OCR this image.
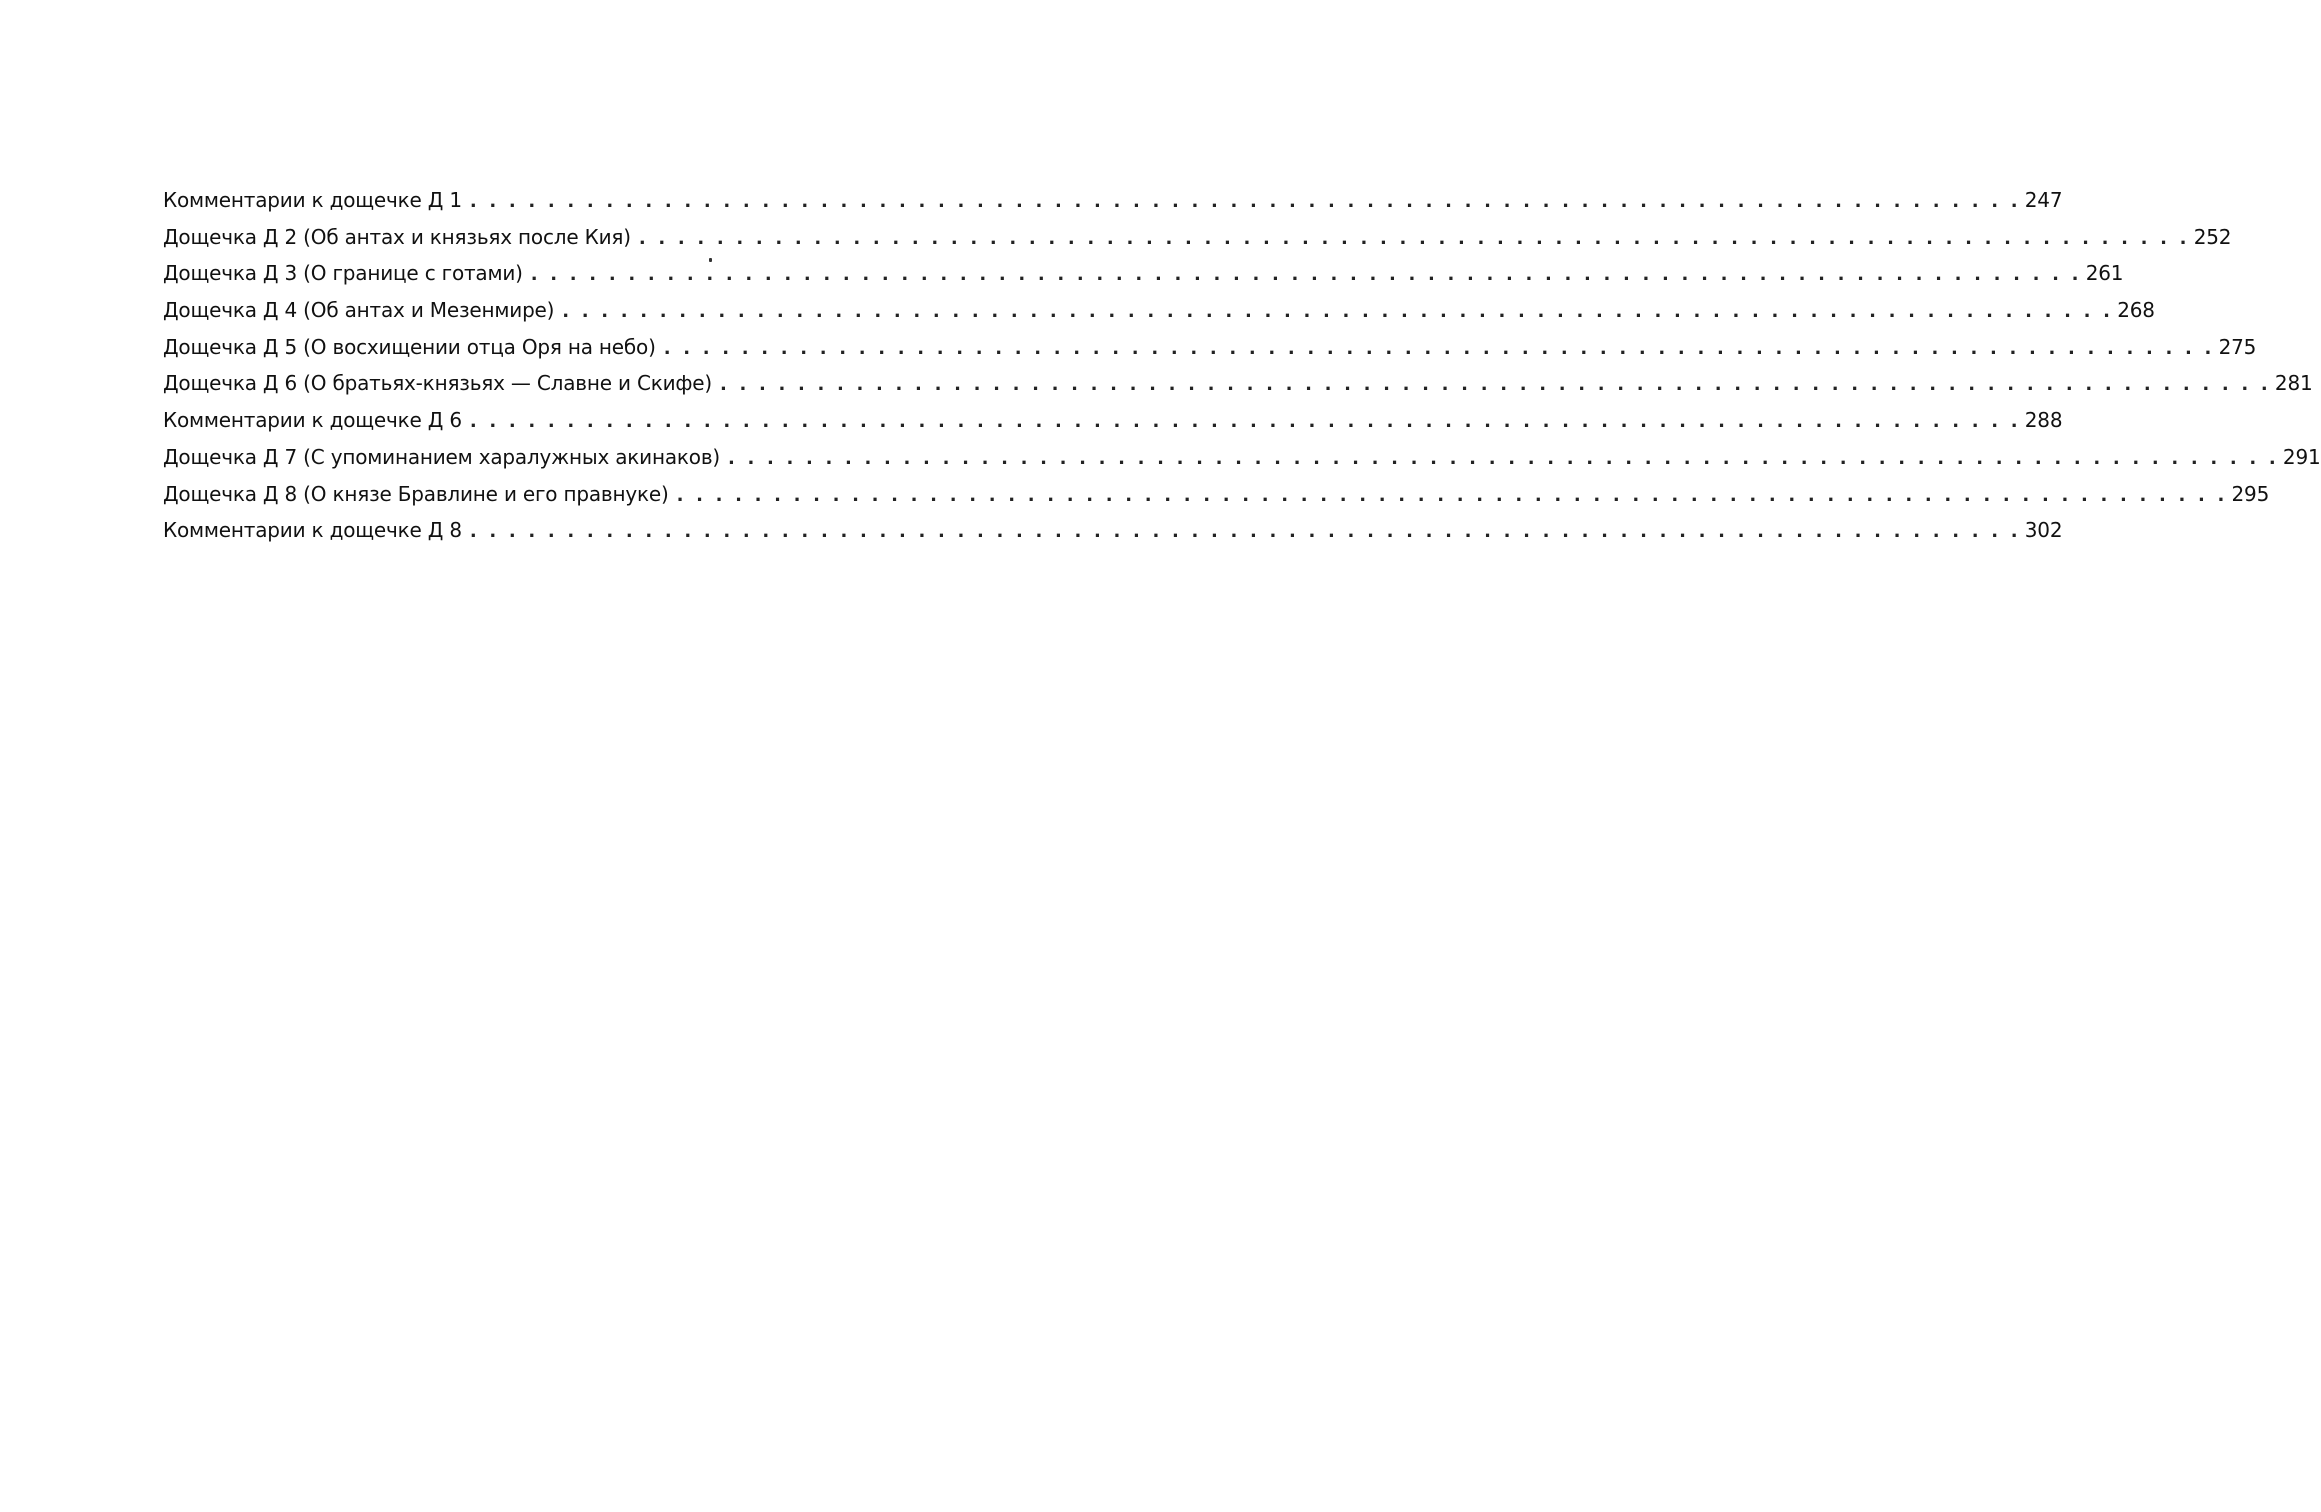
Комментарии к дощечке Д 1 . . . . . . . . . . . . . . . . . . . . . . . . . . . . . . . . . . . . . . . . . . . . . . . . . . . . . . . . . . . . . . . . . . . . . . . . . . . . . . . . 247
Дощечка Д 2 (Об антах и князьях после Кия) . . . . . . . . . . . . . . . . . . . . . . . . . . . . . . . . . . . . . . . . . . . . . . . . . . . . . . . . . . . . . . . . . . . . . . . . . . . . . . . . 252
Дощечка Д 3 (О границе с готами) . . . . . . . . . . . . . . . . . . . . . . . . . . . . . . . . . . . . . . . . . . . . . . . . . . . . . . . . . . . . . . . . . . . . . . . . . . . . . . . . 261
Дощечка Д 4 (Об антах и Мезенмире) . . . . . . . . . . . . . . . . . . . . . . . . . . . . . . . . . . . . . . . . . . . . . . . . . . . . . . . . . . . . . . . . . . . . . . . . . . . . . . . . 268
Дощечка Д 5 (О восхищении отца Оря на небо) . . . . . . . . . . . . . . . . . . . . . . . . . . . . . . . . . . . . . . . . . . . . . . . . . . . . . . . . . . . . . . . . . . . . . . . . . . . . . . . . 275
Дощечка Д 6 (О братьях-князьях — Славне и Скифе) . . . . . . . . . . . . . . . . . . . . . . . . . . . . . . . . . . . . . . . . . . . . . . . . . . . . . . . . . . . . . . . . . . . . . . . . . . . . . . . . 281
Комментарии к дощечке Д 6 . . . . . . . . . . . . . . . . . . . . . . . . . . . . . . . . . . . . . . . . . . . . . . . . . . . . . . . . . . . . . . . . . . . . . . . . . . . . . . . . 288
Дощечка Д 7 (С упоминанием харалужных акинаков) . . . . . . . . . . . . . . . . . . . . . . . . . . . . . . . . . . . . . . . . . . . . . . . . . . . . . . . . . . . . . . . . . . . . . . . . . . . . . . . . 291
Дощечка Д 8 (О князе Бравлине и его правнуке) . . . . . . . . . . . . . . . . . . . . . . . . . . . . . . . . . . . . . . . . . . . . . . . . . . . . . . . . . . . . . . . . . . . . . . . . . . . . . . . . 295
Комментарии к дощечке Д 8 . . . . . . . . . . . . . . . . . . . . . . . . . . . . . . . . . . . . . . . . . . . . . . . . . . . . . . . . . . . . . . . . . . . . . . . . . . . . . . . . 302
